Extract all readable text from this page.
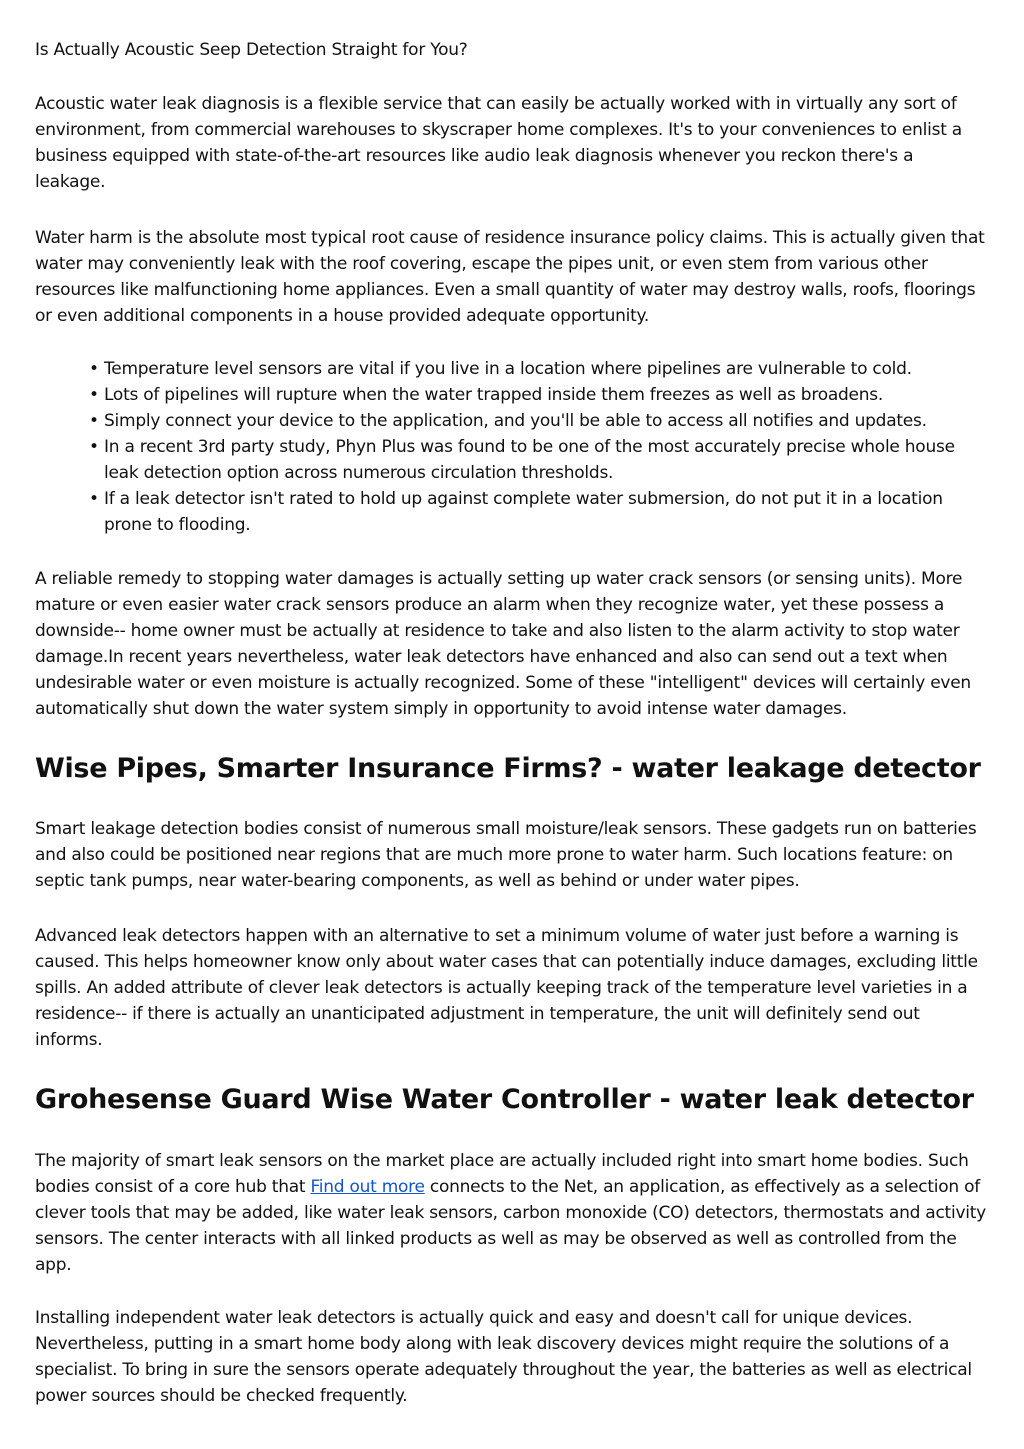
Is Actually Acoustic Seep Detection Straight for You?

Acoustic water leak diagnosis is a flexible service that can easily be actually worked with in virtually any sort of environment, from commercial warehouses to skyscraper home complexes. It's to your conveniences to enlist a business equipped with state-of-the-art resources like audio leak diagnosis whenever you reckon there's a leakage.

Water harm is the absolute most typical root cause of residence insurance policy claims. This is actually given that water may conveniently leak with the roof covering, escape the pipes unit, or even stem from various other resources like malfunctioning home appliances. Even a small quantity of water may destroy walls, roofs, floorings or even additional components in a house provided adequate opportunity.

• Temperature level sensors are vital if you live in a location where pipelines are vulnerable to cold.
• Lots of pipelines will rupture when the water trapped inside them freezes as well as broadens.
• Simply connect your device to the application, and you'll be able to access all notifies and updates.
• In a recent 3rd party study, Phyn Plus was found to be one of the most accurately precise whole house leak detection option across numerous circulation thresholds.
• If a leak detector isn't rated to hold up against complete water submersion, do not put it in a location prone to flooding.

A reliable remedy to stopping water damages is actually setting up water crack sensors (or sensing units). More mature or even easier water crack sensors produce an alarm when they recognize water, yet these possess a downside-- home owner must be actually at residence to take and also listen to the alarm activity to stop water damage.In recent years nevertheless, water leak detectors have enhanced and also can send out a text when undesirable water or even moisture is actually recognized. Some of these "intelligent" devices will certainly even automatically shut down the water system simply in opportunity to avoid intense water damages.

Wise Pipes, Smarter Insurance Firms? - water leakage detector

Smart leakage detection bodies consist of numerous small moisture/leak sensors. These gadgets run on batteries and also could be positioned near regions that are much more prone to water harm. Such locations feature: on septic tank pumps, near water-bearing components, as well as behind or under water pipes.

Advanced leak detectors happen with an alternative to set a minimum volume of water just before a warning is caused. This helps homeowner know only about water cases that can potentially induce damages, excluding little spills. An added attribute of clever leak detectors is actually keeping track of the temperature level varieties in a residence-- if there is actually an unanticipated adjustment in temperature, the unit will definitely send out informs.

Grohesense Guard Wise Water Controller - water leak detector

The majority of smart leak sensors on the market place are actually included right into smart home bodies. Such bodies consist of a core hub that Find out more connects to the Net, an application, as effectively as a selection of clever tools that may be added, like water leak sensors, carbon monoxide (CO) detectors, thermostats and activity sensors. The center interacts with all linked products as well as may be observed as well as controlled from the app.

Installing independent water leak detectors is actually quick and easy and doesn't call for unique devices. Nevertheless, putting in a smart home body along with leak discovery devices might require the solutions of a specialist. To bring in sure the sensors operate adequately throughout the year, the batteries as well as electrical power sources should be checked frequently.
